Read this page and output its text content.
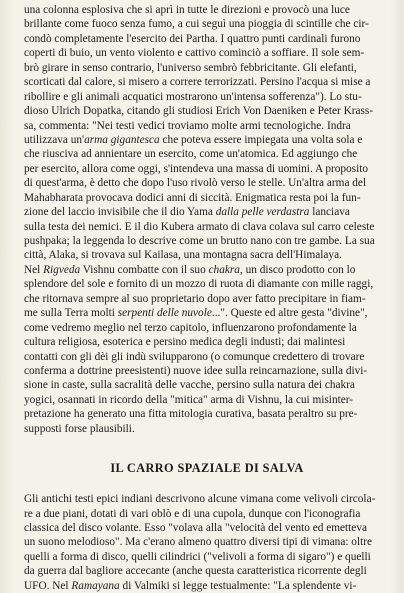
una colonna esplosiva che si aprì in tutte le direzioni e provocò una luce
brillante come fuoco senza fumo, a cui seguì una pioggia di scintille che cir-
condò completamente l'esercito dei Partha. I quattro punti cardinali furono
coperti di buio, un vento violento e cattivo cominciò a soffiare. Il sole sem-
brò girare in senso contrario, l'universo sembrò febbricitante. Gli elefanti,
scorticati dal calore, si misero a correre terrorizzati. Persino l'acqua si mise a
ribollire e gli animali acquatici mostrarono un'intensa sofferenza"). Lo stu-
dioso Ulrich Dopatka, citando gli studiosi Erich Von Daeniken e Peter Krass-
sa, commenta: "Nei testi vedici troviamo molte armi tecnologiche. Indra
utilizzava un'arma gigantesca che poteva essere impiegata una volta sola e
che riusciva ad annientare un esercito, come un'atomica. Ed aggiungo che
per esercito, allora come oggi, s'intendeva una massa di uomini. A proposito
di quest'arma, è detto che dopo l'uso rivolò verso le stelle. Un'altra arma del
Mahabharata provocava dodici anni di siccità. Enigmatica resta poi la fun-
zione del laccio invisibile che il dio Yama dalla pelle verdastra lanciava
sulla testa dei nemici. E il dio Kubera armato di clava colava sul carro celeste
pushpaka; la leggenda lo descrive come un brutto nano con tre gambe. La sua
città, Alaka, si trovava sul Kailasa, una montagna sacra dell'Himalaya.
Nel Rigveda Vishnu combatte con il suo chakra, un disco prodotto con lo
splendore del sole e fornito di un mozzo di ruota di diamante con mille raggi,
che ritornava sempre al suo proprietario dopo aver fatto precipitare in fiam-
me sulla Terra molti serpenti delle nuvole...". Queste ed altre gesta "divine",
come vedremo meglio nel terzo capitolo, influenzarono profondamente la
cultura religiosa, esoterica e persino medica degli industi; dai malintesi
contatti con gli dèi gli indù svilupparono (o comunque credettero di trovare
conferma a dottrine preesistenti) nuove idee sulla reincarnazione, sulla divi-
sione in caste, sulla sacralità delle vacche, persino sulla natura dei chakra
yogici, osannati in ricordo della "mitica" arma di Vishnu, la cui misinter-
pretazione ha generato una fitta mitologia curativa, basata peraltro su pre-
supposti forse plausibili.
IL CARRO SPAZIALE DI SALVA
Gli antichi testi epici indiani descrivono alcune vimana come velivoli circola-
re a due piani, dotati di vari oblò e di una cupola, dunque con l'iconografia
classica del disco volante. Esso "volava alla "velocità del vento ed emetteva
un suono melodioso". Ma c'erano almeno quattro diversi tipi di vimana: oltre
quelli a forma di disco, quelli cilindrici ("velivoli a forma di sigaro") e quelli
da guerra dal bagliore accecante (anche questa caratteristica ricorrente degli
UFO. Nel Ramayana di Valmiki si legge testualmente: "La splendente vi-
